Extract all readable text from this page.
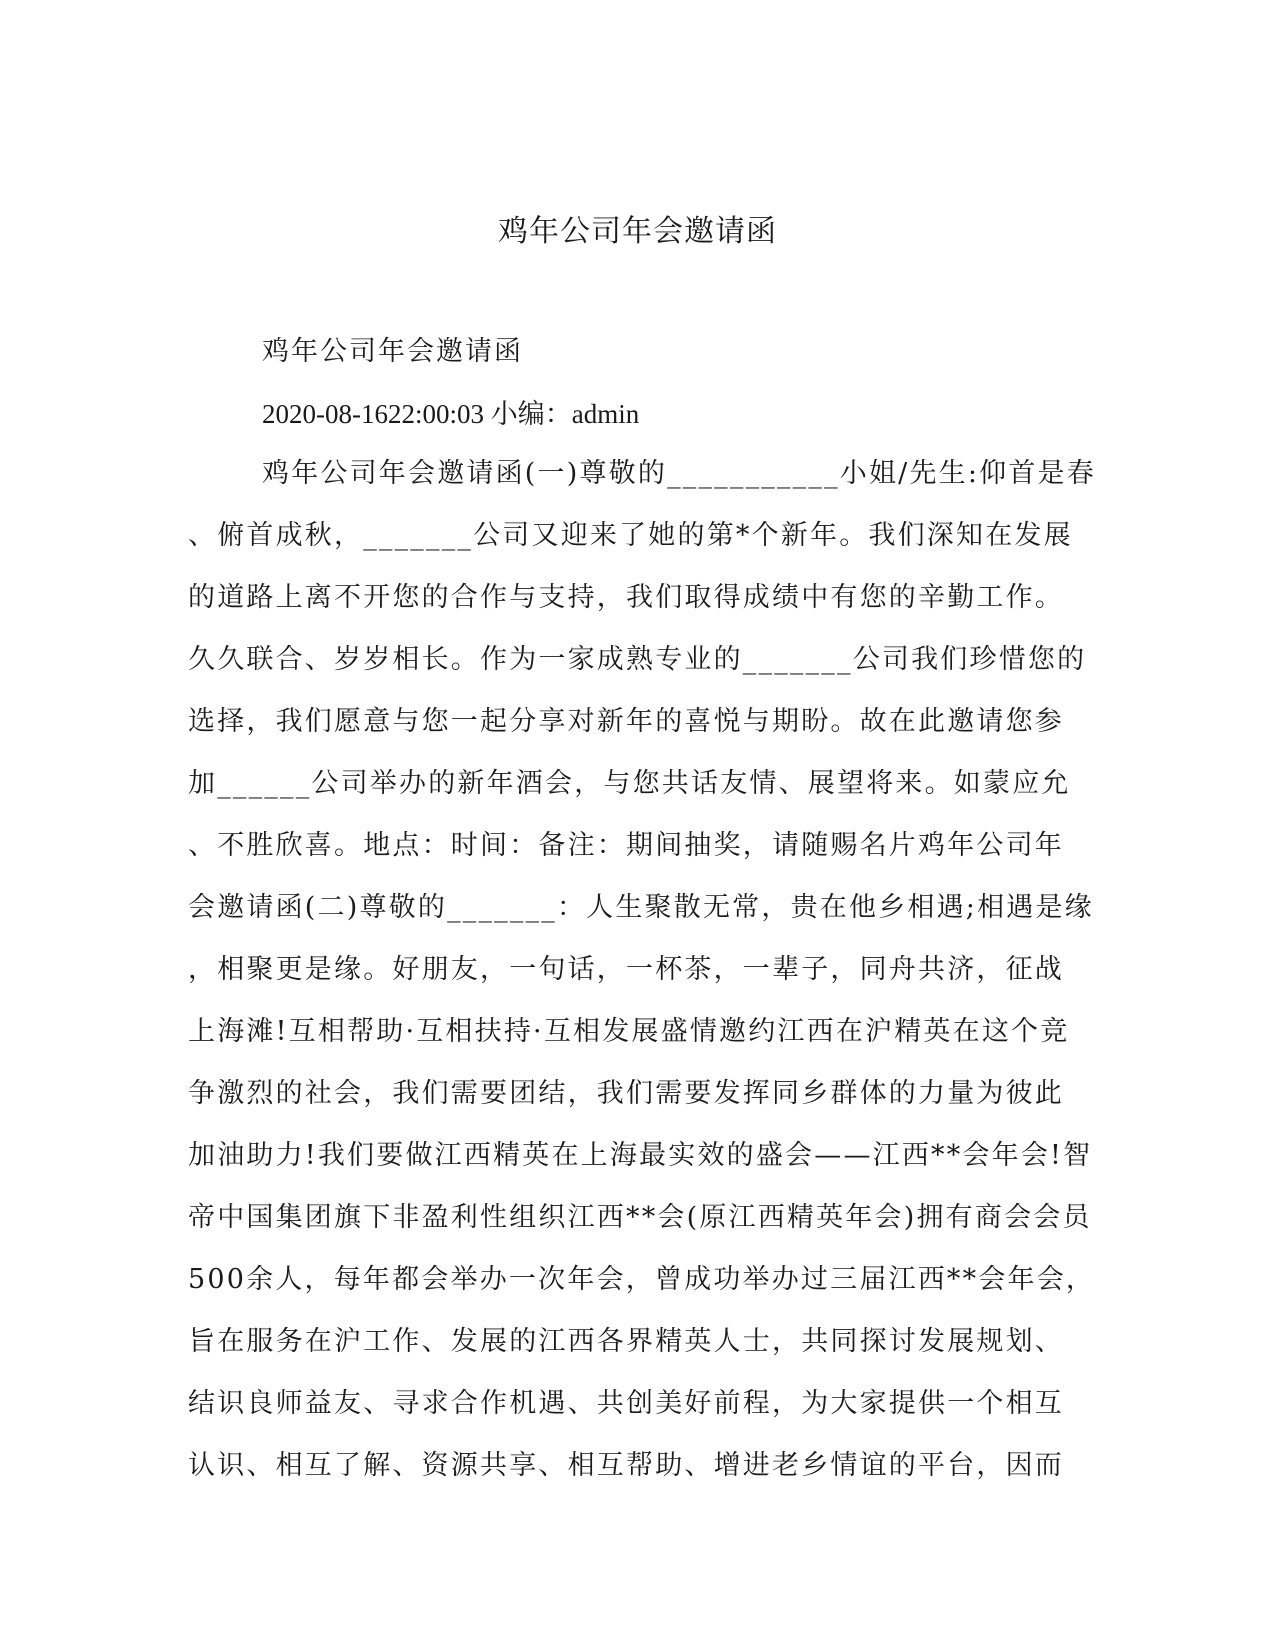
鸡年公司年会邀请函

鸡年公司年会邀请函

2020-08-1622:00:03 小编：admin

鸡年公司年会邀请函(一)尊敬的___________小姐/先生:仰首是春
、俯首成秋，_______公司又迎来了她的第*个新年。我们深知在发展
的道路上离不开您的合作与支持，我们取得成绩中有您的辛勤工作。
久久联合、岁岁相长。作为一家成熟专业的_______公司我们珍惜您的
选择，我们愿意与您一起分享对新年的喜悦与期盼。故在此邀请您参
加______公司举办的新年酒会，与您共话友情、展望将来。如蒙应允
、不胜欣喜。地点：时间：备注：期间抽奖，请随赐名片鸡年公司年
会邀请函(二)尊敬的_______：人生聚散无常，贵在他乡相遇;相遇是缘
，相聚更是缘。好朋友，一句话，一杯茶，一辈子，同舟共济，征战
上海滩!互相帮助·互相扶持·互相发展盛情邀约江西在沪精英在这个竞
争激烈的社会，我们需要团结，我们需要发挥同乡群体的力量为彼此
加油助力!我们要做江西精英在上海最实效的盛会——江西**会年会!智
帝中国集团旗下非盈利性组织江西**会(原江西精英年会)拥有商会会员
500余人，每年都会举办一次年会，曾成功举办过三届江西**会年会，
旨在服务在沪工作、发展的江西各界精英人士，共同探讨发展规划、
结识良师益友、寻求合作机遇、共创美好前程，为大家提供一个相互
认识、相互了解、资源共享、相互帮助、增进老乡情谊的平台，因而
